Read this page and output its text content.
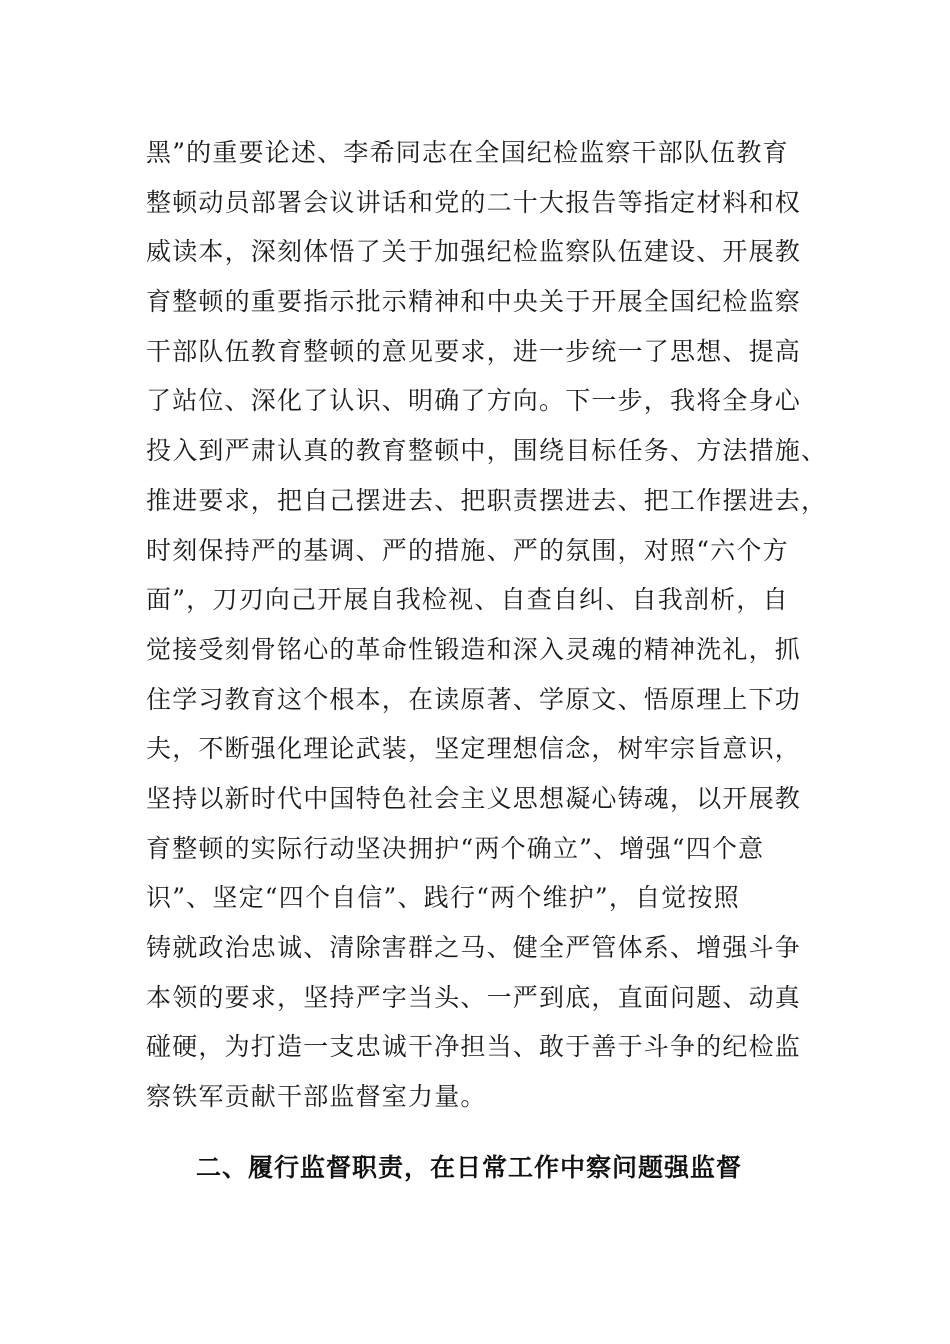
黑”的重要论述、李希同志在全国纪检监察干部队伍教育
整顿动员部署会议讲话和党的二十大报告等指定材料和权
威读本，深刻体悟了关于加强纪检监察队伍建设、开展教
育整顿的重要指示批示精神和中央关于开展全国纪检监察
干部队伍教育整顿的意见要求，进一步统一了思想、提高
了站位、深化了认识、明确了方向。下一步，我将全身心
投入到严肃认真的教育整顿中，围绕目标任务、方法措施、
推进要求，把自己摆进去、把职责摆进去、把工作摆进去，
时刻保持严的基调、严的措施、严的氛围，对照“六个方
面”，刀刃向己开展自我检视、自查自纠、自我剖析，自
觉接受刻骨铭心的革命性锻造和深入灵魂的精神洗礼，抓
住学习教育这个根本，在读原著、学原文、悟原理上下功
夫，不断强化理论武装，坚定理想信念，树牢宗旨意识，
坚持以新时代中国特色社会主义思想凝心铸魂，以开展教
育整顿的实际行动坚决拥护“两个确立”、增强“四个意
识”、坚定“四个自信”、践行“两个维护”，自觉按照
铸就政治忠诚、清除害群之马、健全严管体系、增强斗争
本领的要求，坚持严字当头、一严到底，直面问题、动真
碰硬，为打造一支忠诚干净担当、敢于善于斗争的纪检监
察铁军贡献干部监督室力量。
二、履行监督职责，在日常工作中察问题强监督
